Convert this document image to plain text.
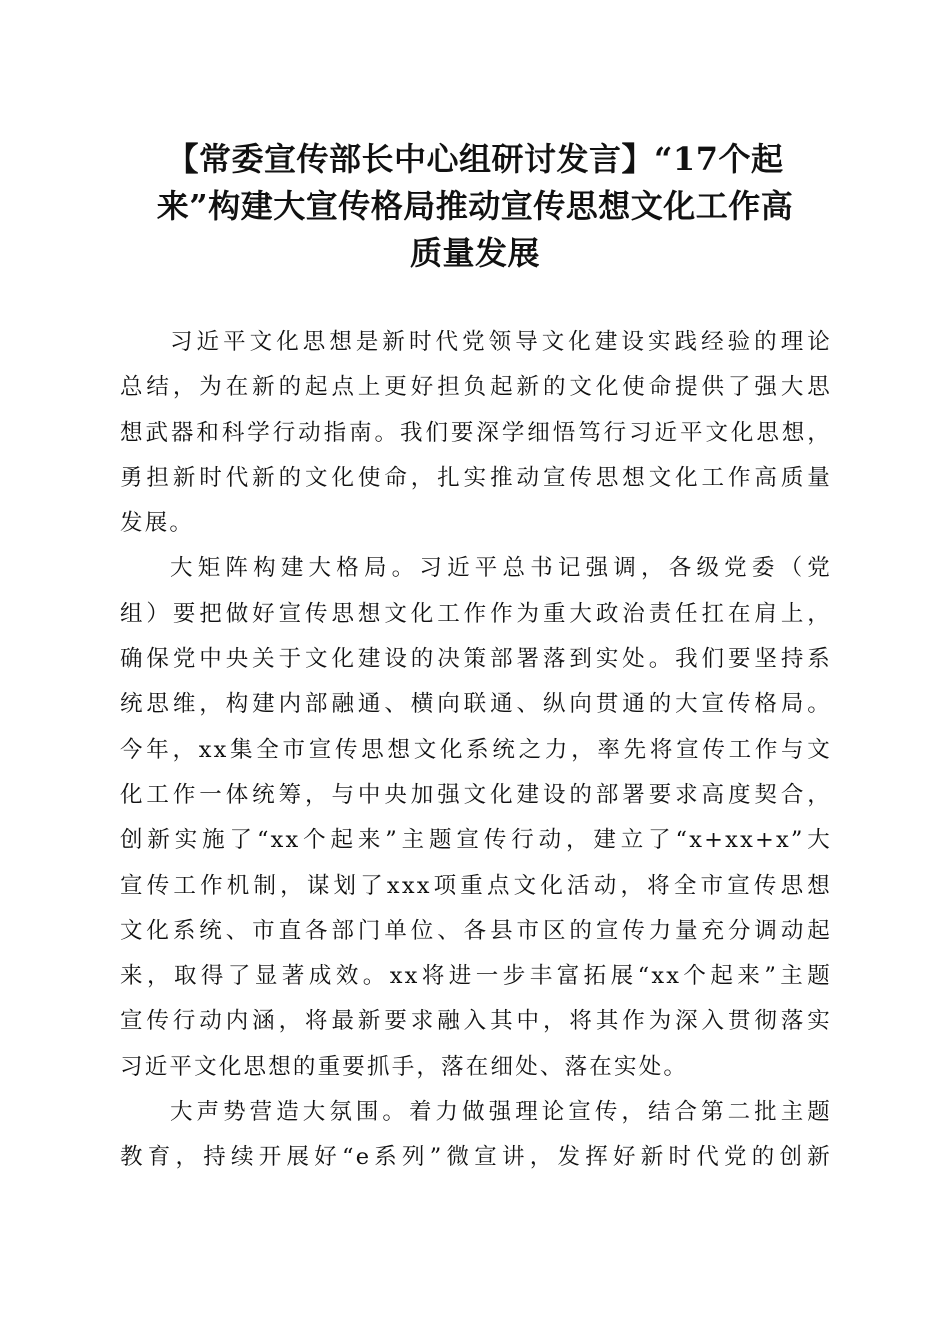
【常委宣传部长中心组研讨发言】“17个起
来”构建大宣传格局推动宣传思想文化工作高
质量发展

习近平文化思想是新时代党领导文化建设实践经验的理论
总结，为在新的起点上更好担负起新的文化使命提供了强大思
想武器和科学行动指南。我们要深学细悟笃行习近平文化思想，
勇担新时代新的文化使命，扎实推动宣传思想文化工作高质量
发展。

大矩阵构建大格局。习近平总书记强调，各级党委（党
组）要把做好宣传思想文化工作作为重大政治责任扛在肩上，
确保党中央关于文化建设的决策部署落到实处。我们要坚持系
统思维，构建内部融通、横向联通、纵向贯通的大宣传格局。
今年，xx集全市宣传思想文化系统之力，率先将宣传工作与文
化工作一体统筹，与中央加强文化建设的部署要求高度契合，
创新实施了“xx个起来”主题宣传行动，建立了“x+xx+x”大
宣传工作机制，谋划了xxx项重点文化活动，将全市宣传思想
文化系统、市直各部门单位、各县市区的宣传力量充分调动起
来，取得了显著成效。xx将进一步丰富拓展“xx个起来”主题
宣传行动内涵，将最新要求融入其中，将其作为深入贯彻落实
习近平文化思想的重要抓手，落在细处、落在实处。

大声势营造大氛围。着力做强理论宣传，结合第二批主题
教育，持续开展好“e系列”微宣讲，发挥好新时代党的创新
